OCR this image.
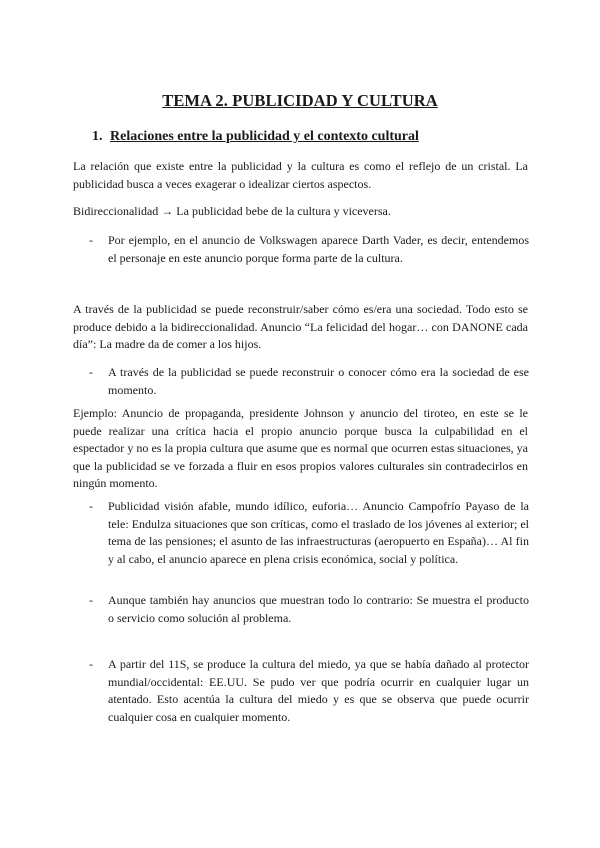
TEMA 2. PUBLICIDAD Y CULTURA
1. Relaciones entre la publicidad y el contexto cultural
La relación que existe entre la publicidad y la cultura es como el reflejo de un cristal. La publicidad busca a veces exagerar o idealizar ciertos aspectos.
Bidireccionalidad → La publicidad bebe de la cultura y viceversa.
- Por ejemplo, en el anuncio de Volkswagen aparece Darth Vader, es decir, entendemos el personaje en este anuncio porque forma parte de la cultura.
A través de la publicidad se puede reconstruir/saber cómo es/era una sociedad. Todo esto se produce debido a la bidireccionalidad. Anuncio “La felicidad del hogar… con DANONE cada día”: La madre da de comer a los hijos.
- A través de la publicidad se puede reconstruir o conocer cómo era la sociedad de ese momento.
Ejemplo: Anuncio de propaganda, presidente Johnson y anuncio del tiroteo, en este se le puede realizar una crítica hacia el propio anuncio porque busca la culpabilidad en el espectador y no es la propia cultura que asume que es normal que ocurren estas situaciones, ya que la publicidad se ve forzada a fluir en esos propios valores culturales sin contradecirlos en ningún momento.
- Publicidad visión afable, mundo idílico, euforia… Anuncio Campofrío Payaso de la tele: Endulza situaciones que son críticas, como el traslado de los jóvenes al exterior; el tema de las pensiones; el asunto de las infraestructuras (aeropuerto en España)… Al fin y al cabo, el anuncio aparece en plena crisis económica, social y política.
- Aunque también hay anuncios que muestran todo lo contrario: Se muestra el producto o servicio como solución al problema.
- A partir del 11S, se produce la cultura del miedo, ya que se había dañado al protector mundial/occidental: EE.UU. Se pudo ver que podría ocurrir en cualquier lugar un atentado. Esto acentúa la cultura del miedo y es que se observa que puede ocurrir cualquier cosa en cualquier momento.
